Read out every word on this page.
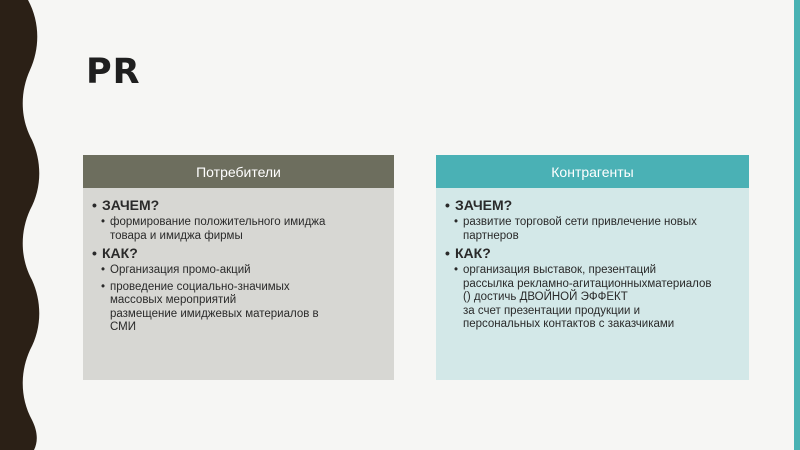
PR
Потребители
• ЗАЧЕМ?
• формирование положительного имиджа
товара и имиджа фирмы
• КАК?
• Организация промо-акций
• проведение социально-значимых
массовых мероприятий
размещение имиджевых материалов в
СМИ
Контрагенты
• ЗАЧЕМ?
• развитие торговой сети привлечение новых
партнеров
• КАК?
• организация выставок, презентаций
рассылка рекламно-агитационныхматериалов
() достичь ДВОЙНОЙ ЭФФЕКТ
за счет презентации продукции и
персональных контактов с заказчиками
